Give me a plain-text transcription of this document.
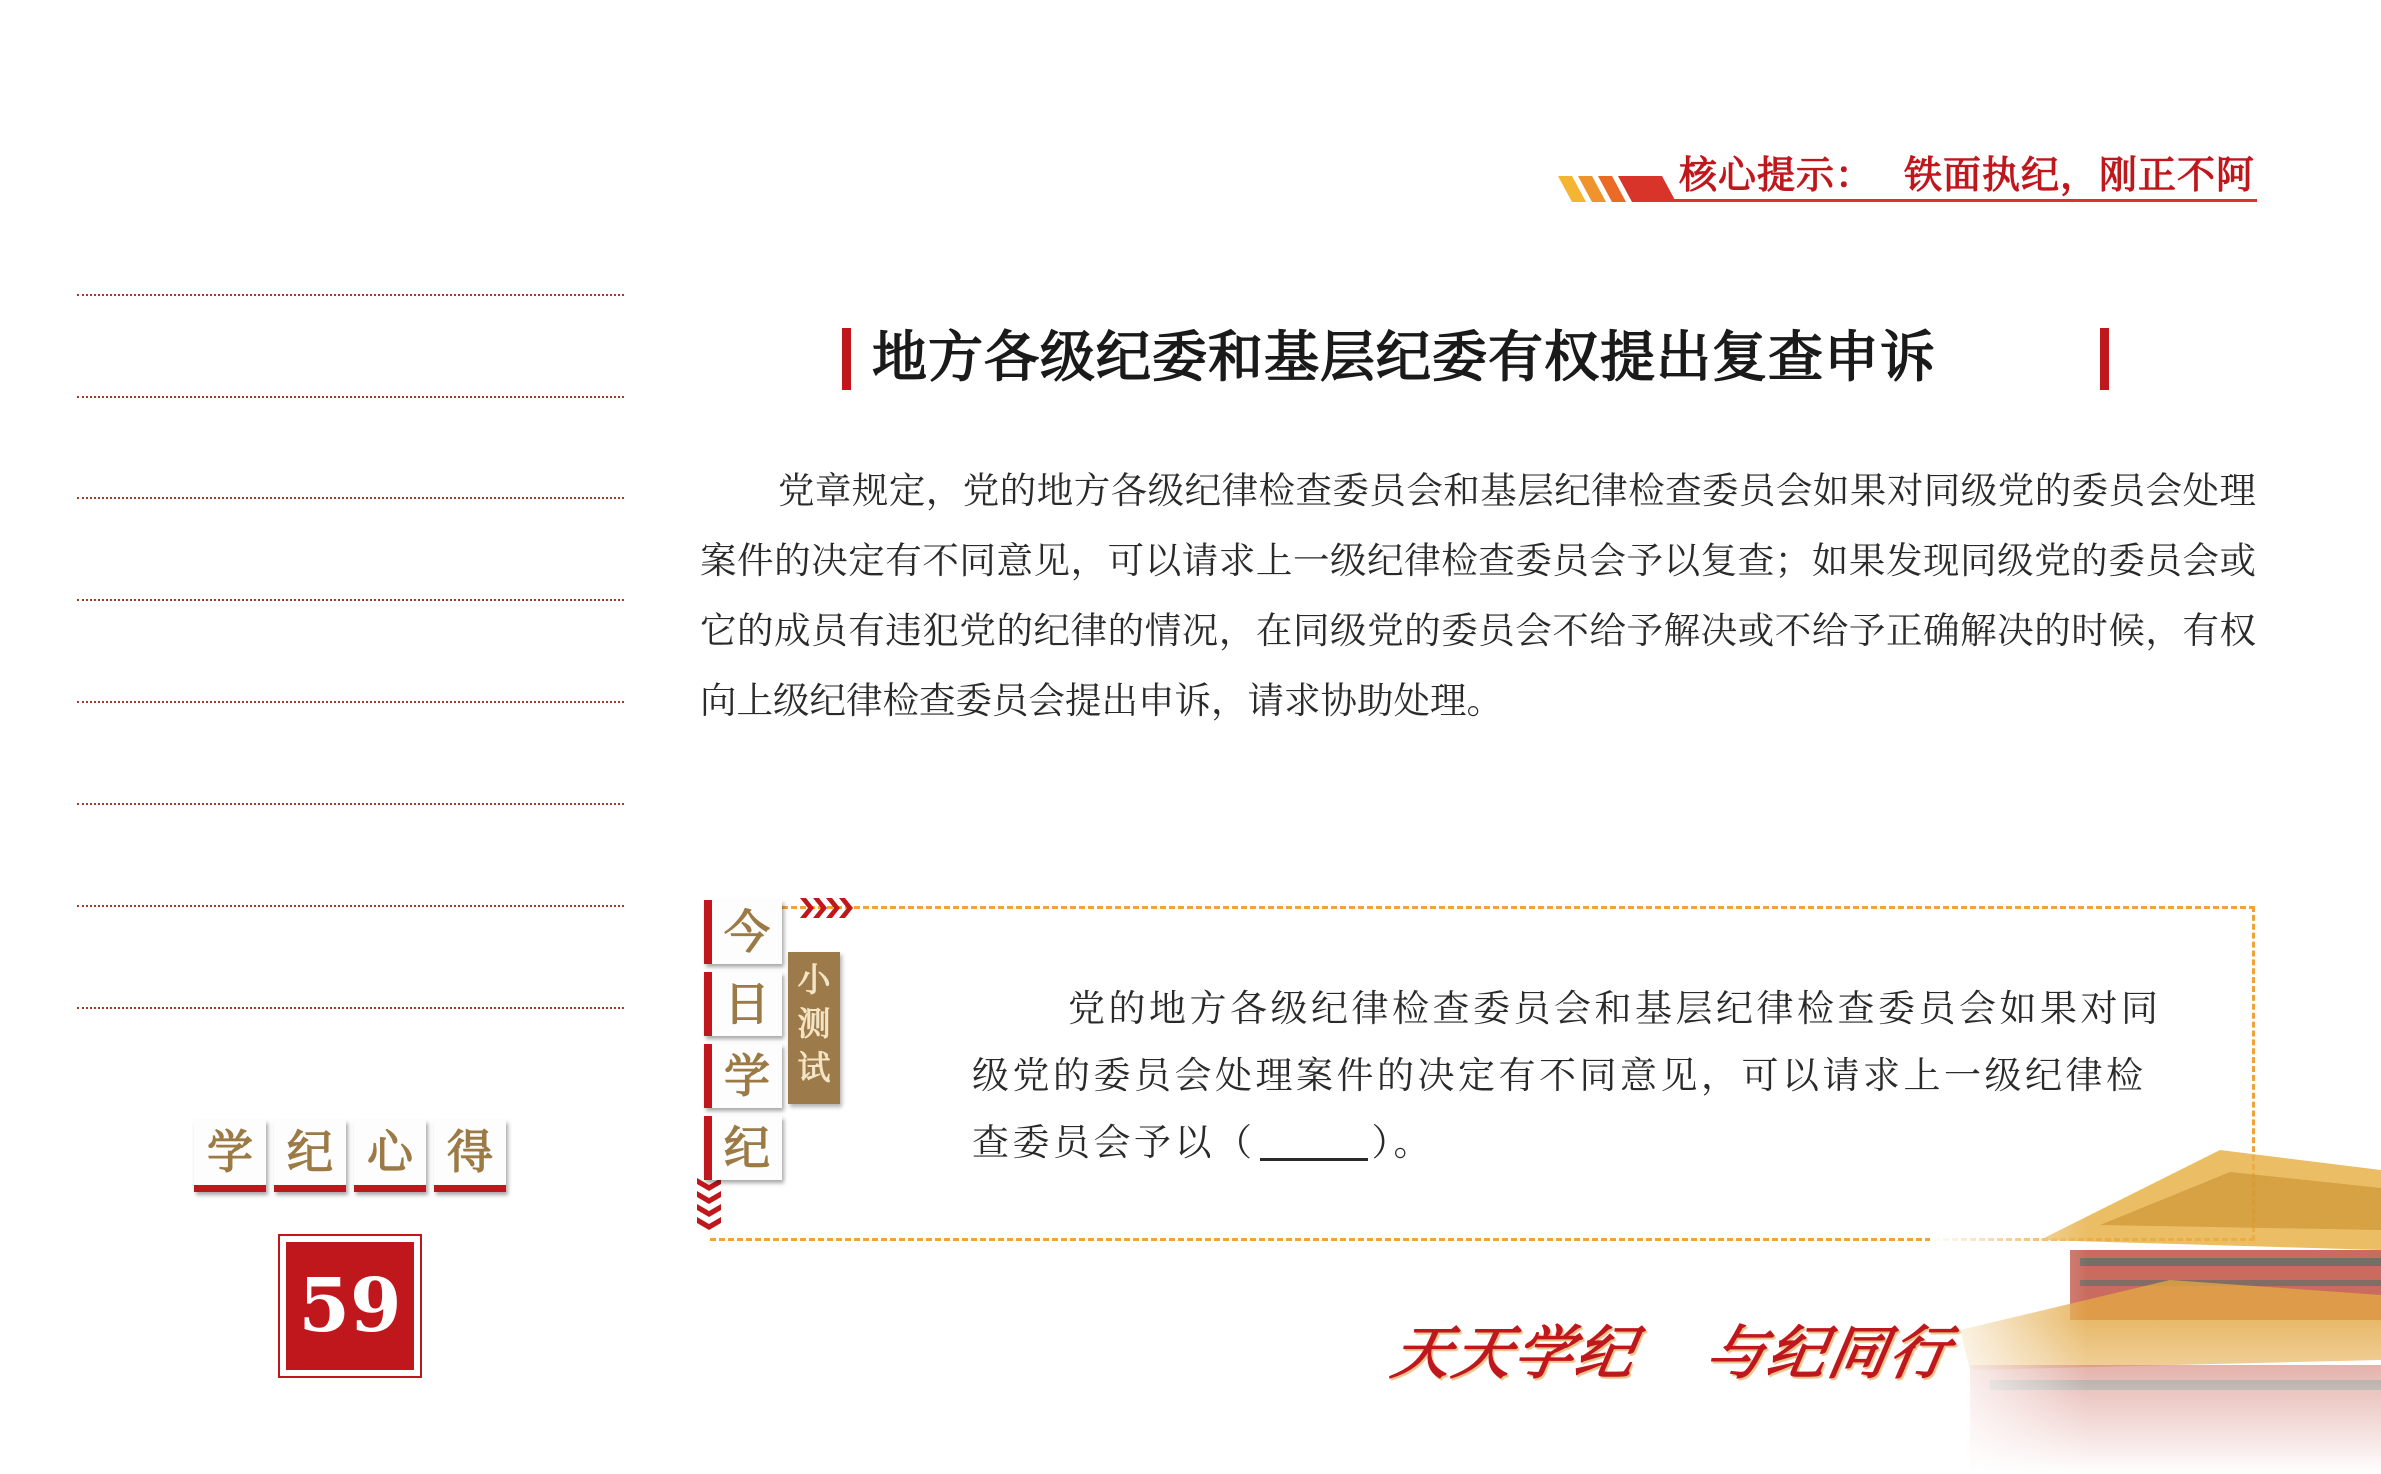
核心提示： 铁面执纪，刚正不阿
学 纪 心 得
59
地方各级纪委和基层纪委有权提出复查申诉

党章规定，党的地方各级纪律检查委员会和基层纪律检查委员会如果对同级党的委员会处理案件的决定有不同意见，可以请求上一级纪律检查委员会予以复查；如果发现同级党的委员会或它的成员有违犯党的纪律的情况，在同级党的委员会不给予解决或不给予正确解决的时候，有权向上级纪律检查委员会提出申诉，请求协助处理。

今
日
学
纪
小
测
试

党的地方各级纪律检查委员会和基层纪律检查委员会如果对同级党的委员会处理案件的决定有不同意见，可以请求上一级纪律检查委员会予以（	）。

天天学纪 与纪同行
